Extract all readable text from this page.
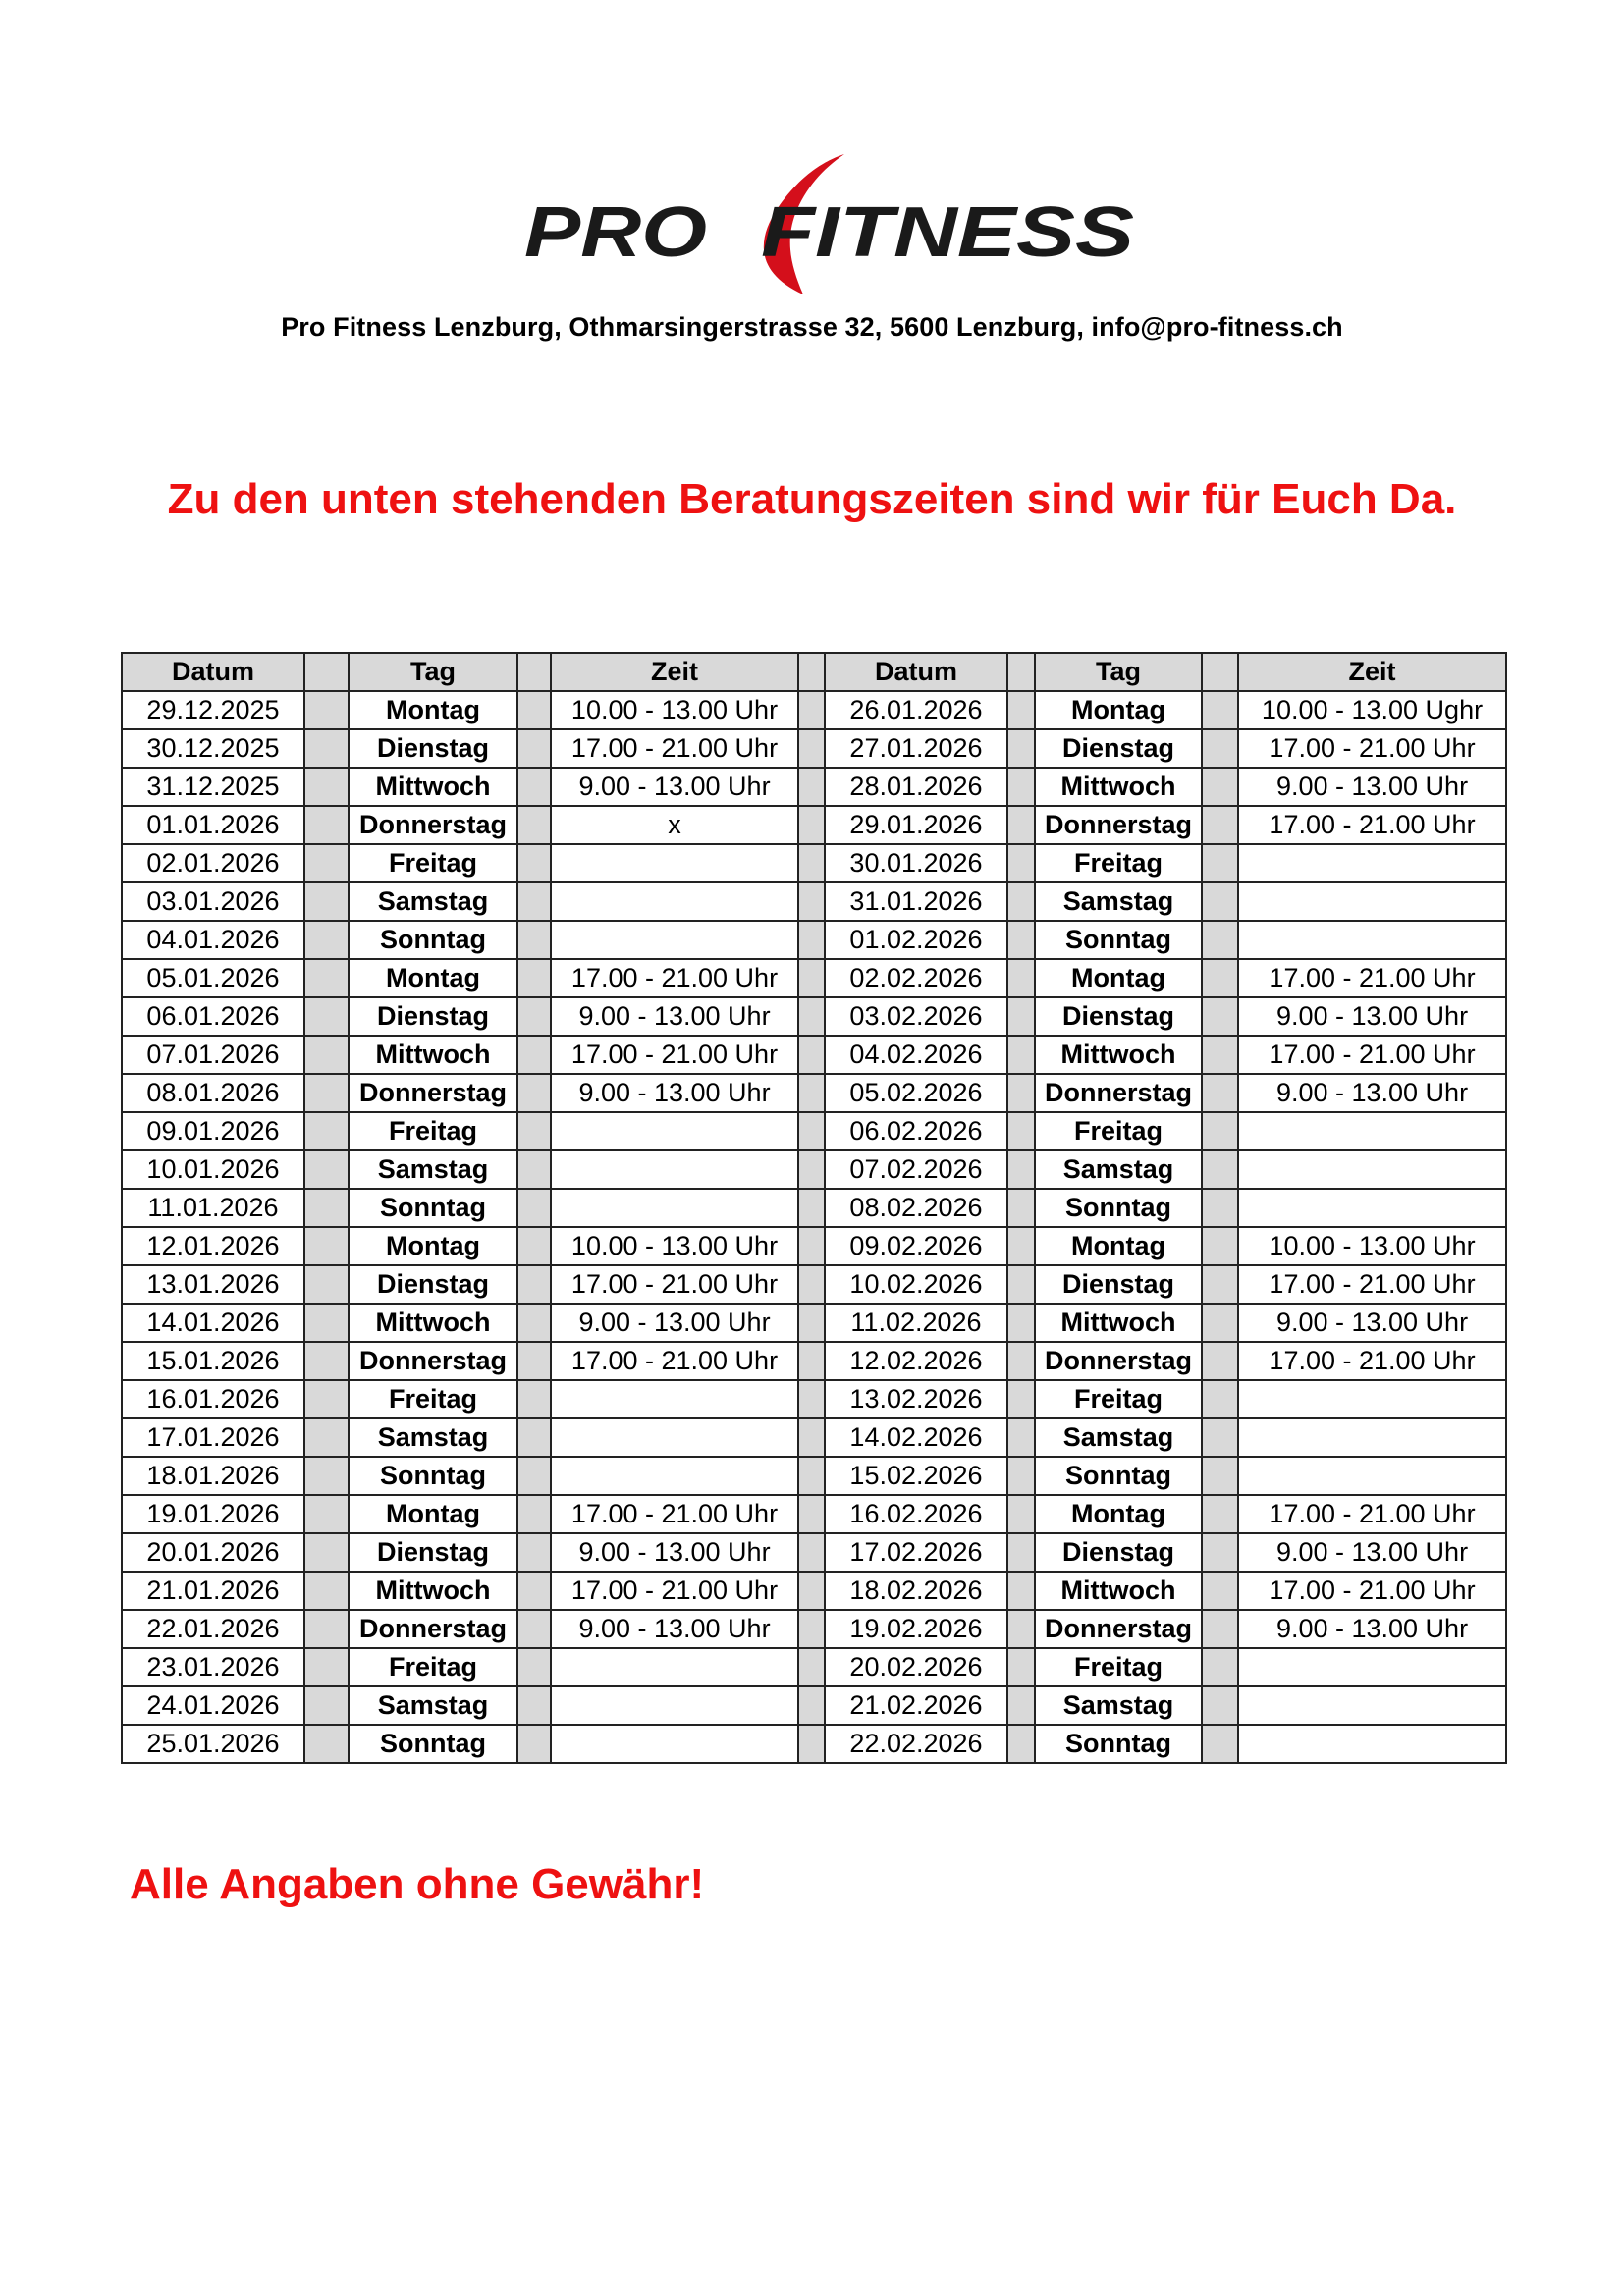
PRO FITNESS
Pro Fitness Lenzburg, Othmarsingerstrasse 32, 5600 Lenzburg, info@pro-fitness.ch
Zu den unten stehenden Beratungszeiten sind wir für Euch Da.
Datum		Tag		Zeit		Datum		Tag		Zeit
29.12.2025		Montag		10.00 - 13.00 Uhr		26.01.2026		Montag		10.00 - 13.00 Ughr
30.12.2025		Dienstag		17.00 - 21.00 Uhr		27.01.2026		Dienstag		17.00 - 21.00 Uhr
31.12.2025		Mittwoch		9.00 - 13.00 Uhr		28.01.2026		Mittwoch		9.00 - 13.00 Uhr
01.01.2026		Donnerstag		x		29.01.2026		Donnerstag		17.00 - 21.00 Uhr
02.01.2026		Freitag				30.01.2026		Freitag		
03.01.2026		Samstag				31.01.2026		Samstag		
04.01.2026		Sonntag				01.02.2026		Sonntag		
05.01.2026		Montag		17.00 - 21.00 Uhr		02.02.2026		Montag		17.00 - 21.00 Uhr
06.01.2026		Dienstag		9.00 - 13.00 Uhr		03.02.2026		Dienstag		9.00 - 13.00 Uhr
07.01.2026		Mittwoch		17.00 - 21.00 Uhr		04.02.2026		Mittwoch		17.00 - 21.00 Uhr
08.01.2026		Donnerstag		9.00 - 13.00 Uhr		05.02.2026		Donnerstag		9.00 - 13.00 Uhr
09.01.2026		Freitag				06.02.2026		Freitag		
10.01.2026		Samstag				07.02.2026		Samstag		
11.01.2026		Sonntag				08.02.2026		Sonntag		
12.01.2026		Montag		10.00 - 13.00 Uhr		09.02.2026		Montag		10.00 - 13.00 Uhr
13.01.2026		Dienstag		17.00 - 21.00 Uhr		10.02.2026		Dienstag		17.00 - 21.00 Uhr
14.01.2026		Mittwoch		9.00 - 13.00 Uhr		11.02.2026		Mittwoch		9.00 - 13.00 Uhr
15.01.2026		Donnerstag		17.00 - 21.00 Uhr		12.02.2026		Donnerstag		17.00 - 21.00 Uhr
16.01.2026		Freitag				13.02.2026		Freitag		
17.01.2026		Samstag				14.02.2026		Samstag		
18.01.2026		Sonntag				15.02.2026		Sonntag		
19.01.2026		Montag		17.00 - 21.00 Uhr		16.02.2026		Montag		17.00 - 21.00 Uhr
20.01.2026		Dienstag		9.00 - 13.00 Uhr		17.02.2026		Dienstag		9.00 - 13.00 Uhr
21.01.2026		Mittwoch		17.00 - 21.00 Uhr		18.02.2026		Mittwoch		17.00 - 21.00 Uhr
22.01.2026		Donnerstag		9.00 - 13.00 Uhr		19.02.2026		Donnerstag		9.00 - 13.00 Uhr
23.01.2026		Freitag				20.02.2026		Freitag		
24.01.2026		Samstag				21.02.2026		Samstag		
25.01.2026		Sonntag				22.02.2026		Sonntag		
Alle Angaben ohne Gewähr!
